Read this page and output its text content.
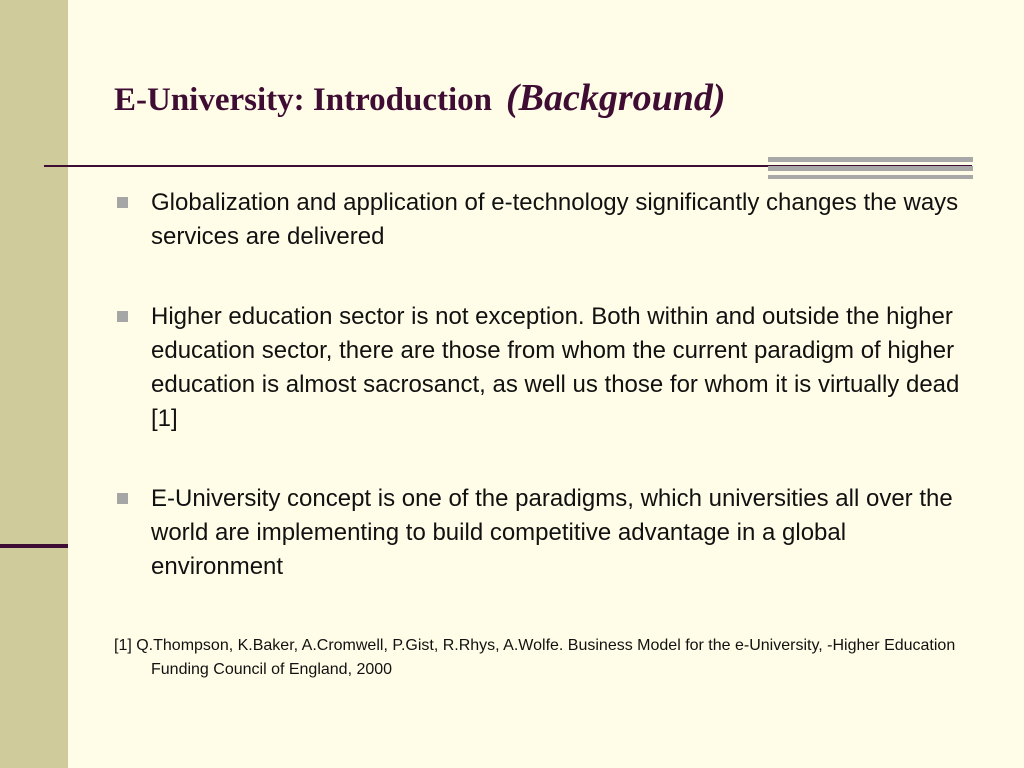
E-University: Introduction (Background)
Globalization and application of e-technology significantly changes the ways services are delivered
Higher education sector is not exception. Both within and outside the higher education sector, there are those from whom the current paradigm of higher education is almost sacrosanct, as well us those for whom it is virtually dead [1]
E-University concept is one of the paradigms, which universities all over the world are implementing to build competitive advantage in a global environment

[1] Q.Thompson, K.Baker, A.Cromwell, P.Gist, R.Rhys, A.Wolfe. Business Model for the e-University, -Higher Education Funding Council of England, 2000
